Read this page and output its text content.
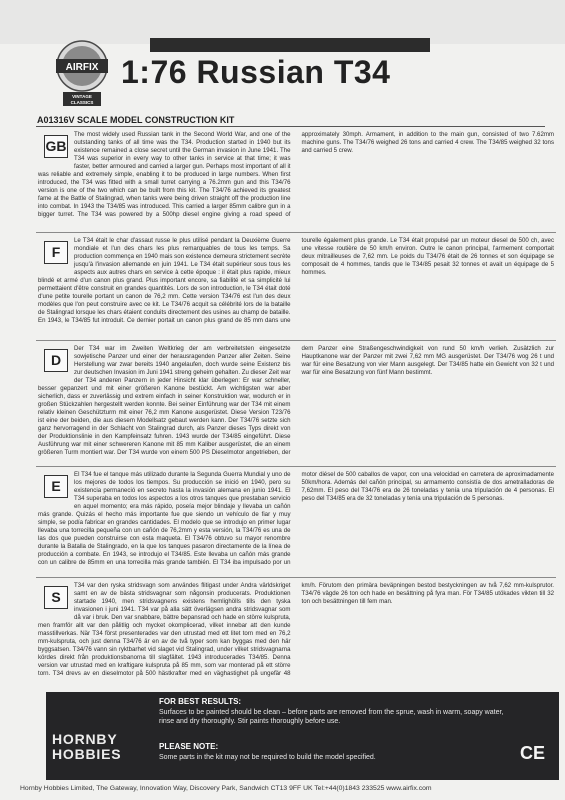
AIRFIX
VINTAGE
CLASSICS
1:76 Russian T34
A01316V SCALE MODEL CONSTRUCTION KIT
The most widely used Russian tank in the Second World War, and one of the outstanding tanks of all time was the T34. Production started in 1940 but its existence remained a close secret until the German invasion in June 1941. The T34 was superior in every way to other tanks in service at that time; it was faster, better armoured and carried a larger gun. Perhaps most important of all it was reliable and extremely simple, enabling it to be produced in large numbers. When first introduced, the T34 was fitted with a small turret carrying a 76.2mm gun and this T34/76 version is one of the two which can be built from this kit. The T34/76 achieved its greatest fame at the Battle of Stalingrad, when tanks were being driven straight off the production line into combat. In 1943 the T34/85 was introduced. This carried a larger 85mm calibre gun in a bigger turret. The T34 was powered by a 500hp diesel engine giving a road speed of approximately 30mph. Armament, in addition to the main gun, consisted of two 7.62mm machine guns. The T34/76 weighed 26 tons and carried 4 crew. The T34/85 weighed 32 tons and carried 5 crew.
GB
Le T34 était le char d'assaut russe le plus utilisé pendant la Deuxième Guerre mondiale et l'un des chars les plus remarquables de tous les temps. Sa production commença en 1940 mais son existence demeura strictement secrète jusqu'à l'invasion allemande en juin 1941. Le T34 était supérieur sous tous les aspects aux autres chars en service à cette époque : il était plus rapide, mieux blindé et armé d'un canon plus grand. Plus important encore, sa fiabilité et sa simplicité lui permettaient d'être construit en grandes quantités. Lors de son introduction, le T34 était doté d'une petite tourelle portant un canon de 76,2 mm. Cette version T34/76 est l'un des deux modèles que l'on peut construire avec ce kit. Le T34/76 acquit sa célébrité lors de la bataille de Stalingrad lorsque les chars étaient conduits directement des usines au champ de bataille. En 1943, le T34/85 fut introduit. Ce dernier portait un canon plus grand de 85 mm dans une tourelle également plus grande. Le T34 était propulsé par un moteur diesel de 500 ch, avec une vitesse routière de 50 km/h environ. Outre le canon principal, l'armement comportait deux mitrailleuses de 7,62 mm. Le poids du T34/76 était de 26 tonnes et son équipage se composait de 4 hommes, tandis que le T34/85 pesait 32 tonnes et avait un équipage de 5 hommes.
F
Der T34 war im Zweiten Weltkrieg der am verbreitetsten eingesetzte sowjetische Panzer und einer der herausragenden Panzer aller Zeiten. Seine Herstellung war zwar bereits 1940 angelaufen, doch wurde seine Existenz bis zur deutschen Invasion im Juni 1941 streng geheim gehalten. Zu dieser Zeit war der T34 anderen Panzern in jeder Hinsicht klar überlegen: Er war schneller, besser gepanzert und mit einer größeren Kanone bestückt. Am wichtigsten war aber sicherlich, dass er zuverlässig und extrem einfach in seiner Konstruktion war, wodurch er in großen Stückzahlen hergestellt werden konnte. Bei seiner Einführung war der T34 mit einem relativ kleinen Geschützturm mit einer 76,2 mm Kanone ausgerüstet. Diese Version T23/76 ist eine der beiden, die aus diesem Modellsatz gebaut werden kann. Der T34/76 setzte sich ganz hervorragend in der Schlacht von Stalingrad durch, als Panzer dieses Typs direkt von der Produktionslinie in den Kampfeinsatz fuhren. 1943 wurde der T34/85 eingeführt. Diese Ausführung war mit einer schwereren Kanone mit 85 mm Kaliber ausgerüstet, die an einem größeren Turm montiert war. Der T34 wurde von einem 500 PS Dieselmotor angetrieben, der dem Panzer eine Straßengeschwindigkeit von rund 50 km/h verlieh. Zusätzlich zur Hauptkanone war der Panzer mit zwei 7,62 mm MG ausgerüstet. Der T34/76 wog 26 t und war für eine Besatzung von vier Mann ausgelegt. Der T34/85 hatte ein Gewicht von 32 t und war für eine Besatzung von fünf Mann bestimmt.
D
El T34 fue el tanque más utilizado durante la Segunda Guerra Mundial y uno de los mejores de todos los tiempos. Su producción se inició en 1940, pero su existencia permaneció en secreto hasta la invasión alemana en junio 1941. El T34 superaba en todos los aspectos a los otros tanques que prestaban servicio en aquel momento; era más rápido, poseía mejor blindaje y llevaba un cañón más grande. Quizás el hecho más importante fue que siendo un vehículo de fiar y muy simple, se podía fabricar en grandes cantidades. El modelo que se introdujo en primer lugar llevaba una torrecilla pequeña con un cañón de 76,2mm y esta versión, la T34/76 es una de las dos que pueden construirse con esta maqueta. El T34/76 obtuvo su mayor renombre durante la Batalla de Stalingrado, en la que los tanques pasaron directamente de la línea de producción a combate. En 1943, se introdujo el T34/85. Este llevaba un cañón más grande con un calibre de 85mm en una torrecilla más grande también. El T34 iba impulsado por un motor diésel de 500 caballos de vapor, con una velocidad en carretera de aproximadamente 50km/hora. Además del cañón principal, su armamento consistía de dos ametralladoras de 7,62mm. El peso del T34/76 era de 26 toneladas y tenía una tripulación de 4 personas. El peso del T34/85 era de 32 toneladas y tenía una tripulación de 5 personas.
E
T34 var den ryska stridsvagn som användes flitigast under Andra världskriget samt en av de bästa stridsvagnar som någonsin producerats. Produktionen startade 1940, men stridsvagnens existens hemlighölls tills den tyska invasionen i juni 1941. T34 var på alla sätt överlägsen andra stridsvagnar som då var i bruk. Den var snabbare, bättre bepansrad och hade en större kulspruta, men framför allt var den pålitlig och mycket okomplicerad, vilket innebar att den kunde masstillverkas. När T34 först presenterades var den utrustad med ett litet torn med en 76,2 mm-kulspruta, och just denna T34/76 är en av de två typer som kan byggas med den här byggsatsen. T34/76 vann sin ryktbarhet vid slaget vid Stalingrad, under vilket stridsvagnarna kördes direkt från produktionsbanorna till slagfältet. 1943 introducerades T34/85. Denna version var utrustad med en kraftigare kulspruta på 85 mm, som var monterad på ett större torn. T34 drevs av en dieselmotor på 500 hästkrafter med en väghastighet på ungefär 48 km/h. Förutom den primära beväpningen bestod bestyckningen av två 7,62 mm-kulsprutor. T34/76 vägde 26 ton och hade en besättning på fyra man. För T34/85 utökades vikten till 32 ton och besättningen till fem man.
S
HORNBY
HOBBIES
FOR BEST RESULTS:
Surfaces to be painted should be clean – before parts are removed from the sprue, wash in warm, soapy water, rinse and dry thoroughly. Stir paints thoroughly before use.
PLEASE NOTE:
Some parts in the kit may not be required to build the model specified.	CE
Hornby Hobbies Limited, The Gateway, Innovation Way, Discovery Park, Sandwich CT13 9FF UK Tel:+44(0)1843 233525 www.airfix.com
